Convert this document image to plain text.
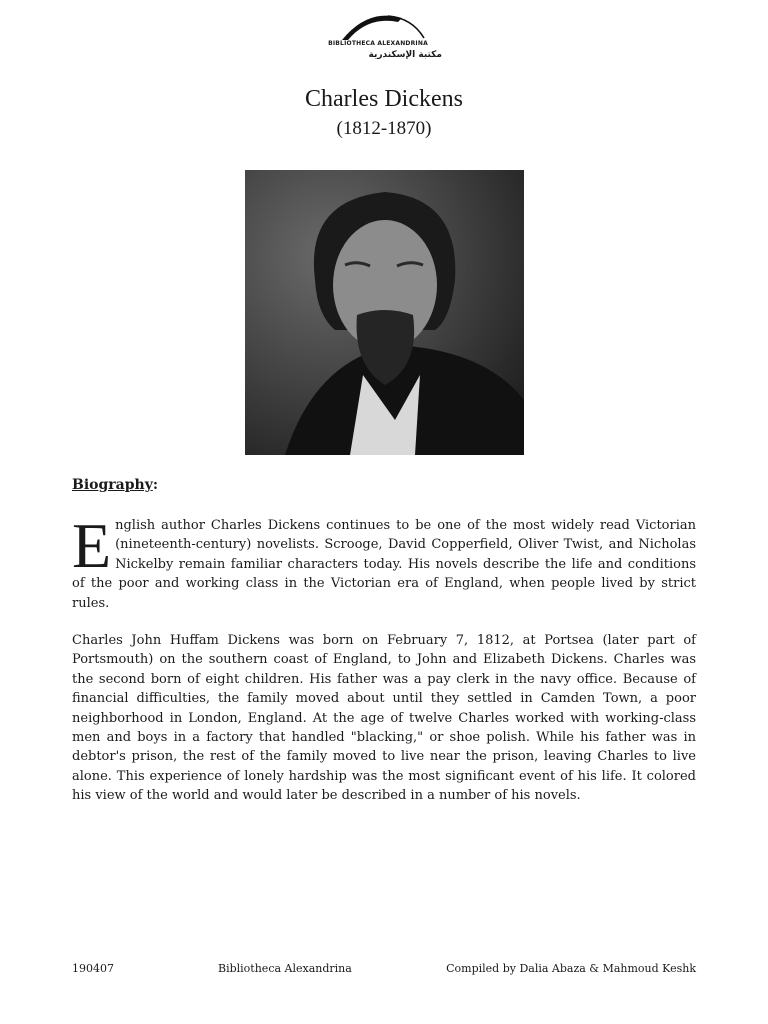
BIBLIOTHECA ALEXANDRINA
مكتبة الإسكندرية
Charles Dickens
(1812-1870)
Biography:

English author Charles Dickens continues to be one of the most widely read Victorian (nineteenth-century) novelists. Scrooge, David Copperfield, Oliver Twist, and Nicholas Nickelby remain familiar characters today. His novels describe the life and conditions of the poor and working class in the Victorian era of England, when people lived by strict rules.

Charles John Huffam Dickens was born on February 7, 1812, at Portsea (later part of Portsmouth) on the southern coast of England, to John and Elizabeth Dickens. Charles was the second born of eight children. His father was a pay clerk in the navy office. Because of financial difficulties, the family moved about until they settled in Camden Town, a poor neighborhood in London, England. At the age of twelve Charles worked with working-class men and boys in a factory that handled "blacking," or shoe polish. While his father was in debtor's prison, the rest of the family moved to live near the prison, leaving Charles to live alone. This experience of lonely hardship was the most significant event of his life. It colored his view of the world and would later be described in a number of his novels.

190407	Bibliotheca Alexandrina	Compiled by Dalia Abaza & Mahmoud Keshk
